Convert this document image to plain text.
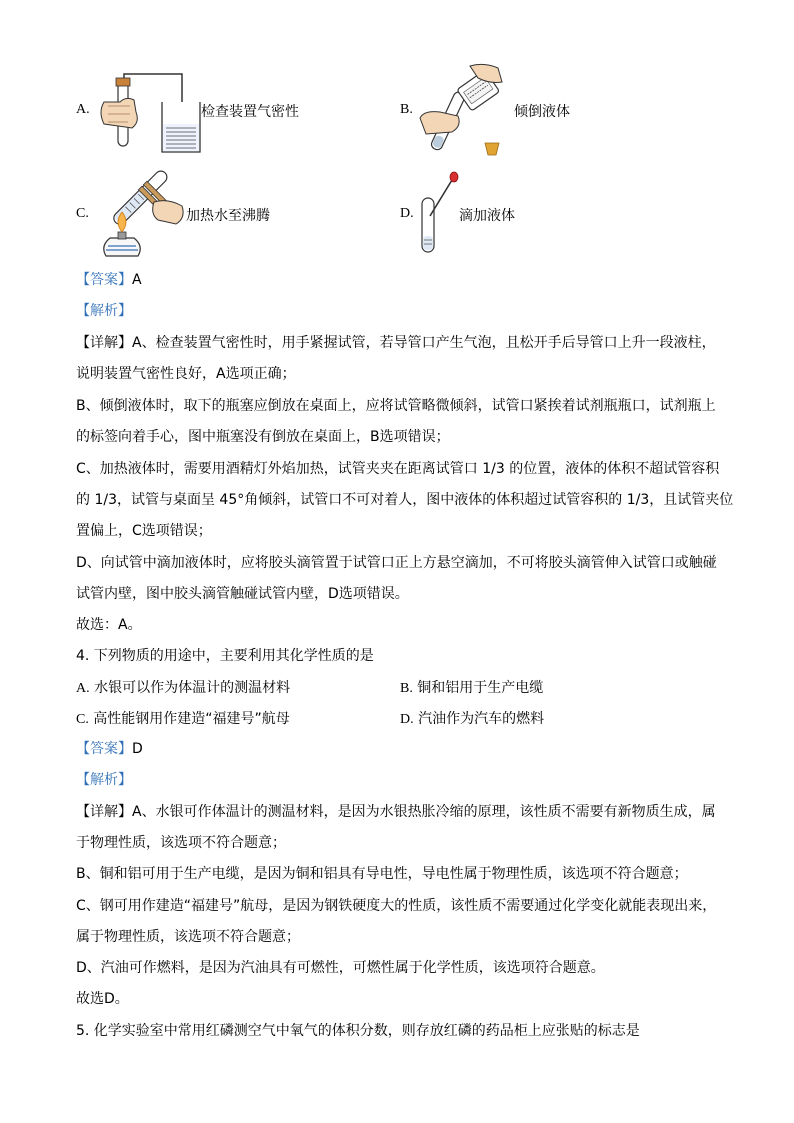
A.	检查装置气密性	B.	倾倒液体
C.	加热水至沸腾	D.	滴加液体
【答案】A
【解析】
【详解】A、检查装置气密性时，用手紧握试管，若导管口产生气泡，且松开手后导管口上升一段液柱，
说明装置气密性良好，A选项正确；
B、倾倒液体时，取下的瓶塞应倒放在桌面上，应将试管略微倾斜，试管口紧挨着试剂瓶瓶口，试剂瓶上
的标签向着手心，图中瓶塞没有倒放在桌面上，B选项错误；
C、加热液体时，需要用酒精灯外焰加热，试管夹夹在距离试管口 1/3 的位置，液体的体积不超试管容积
的 1/3，试管与桌面呈 45°角倾斜，试管口不可对着人，图中液体的体积超过试管容积的 1/3，且试管夹位
置偏上，C选项错误；
D、向试管中滴加液体时，应将胶头滴管置于试管口正上方悬空滴加，不可将胶头滴管伸入试管口或触碰
试管内壁，图中胶头滴管触碰试管内壁，D选项错误。
故选：A。
4. 下列物质的用途中，主要利用其化学性质的是
A. 水银可以作为体温计的测温材料	B. 铜和铝用于生产电缆
C. 高性能钢用作建造“福建号”航母	D. 汽油作为汽车的燃料
【答案】D
【解析】
【详解】A、水银可作体温计的测温材料，是因为水银热胀冷缩的原理，该性质不需要有新物质生成，属
于物理性质，该选项不符合题意；
B、铜和铝可用于生产电缆，是因为铜和铝具有导电性，导电性属于物理性质，该选项不符合题意；
C、钢可用作建造“福建号”航母，是因为钢铁硬度大的性质，该性质不需要通过化学变化就能表现出来，
属于物理性质，该选项不符合题意；
D、汽油可作燃料，是因为汽油具有可燃性，可燃性属于化学性质，该选项符合题意。
故选D。
5. 化学实验室中常用红磷测空气中氧气的体积分数，则存放红磷的药品柜上应张贴的标志是
